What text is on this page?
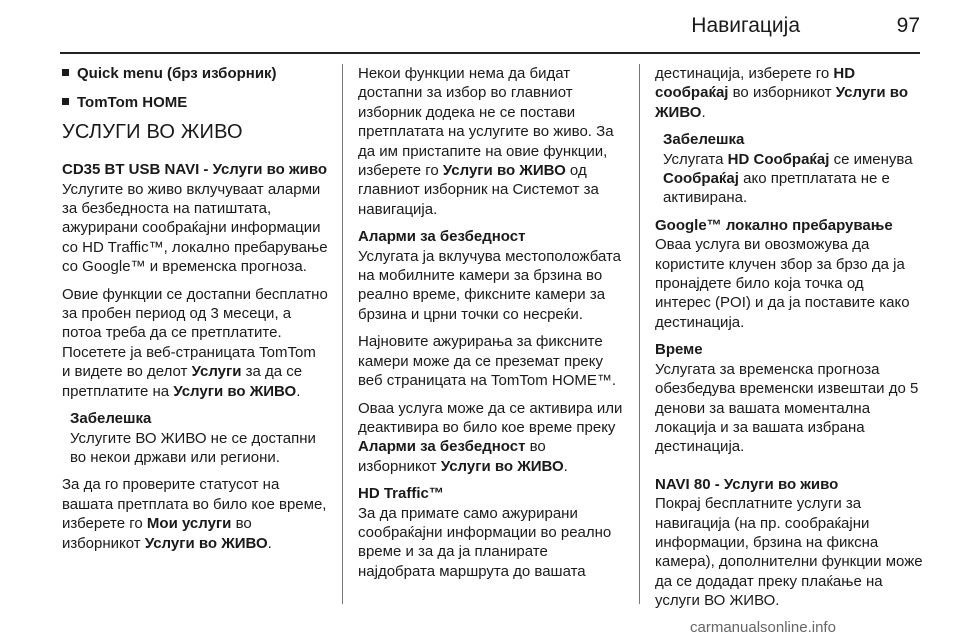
Навигација	97

Quick menu (брз изборник)

TomTom HOME

УСЛУГИ ВО ЖИВО

CD35 BT USB NAVI - Услуги во живо

Услугите во живо вклучуваат аларми за безбедноста на патиштата, ажурирани сообраќајни информации со HD Traffic™, локално пребарување со Google™ и временска прогноза.

Овие функции се достапни бесплатно за пробен период од 3 месеци, а потоа треба да се претплатите. Посетете ја веб-страницата TomTom и видете во делот Услуги за да се претплатите на Услуги во ЖИВО.

Забелешка

Услугите ВО ЖИВО не се достапни во некои држави или региони.

За да го проверите статусот на вашата претплата во било кое време, изберете го Мои услуги во изборникот Услуги во ЖИВО.

Некои функции нема да бидат достапни за избор во главниот изборник додека не се постави претплатата на услугите во живо. За да им пристапите на овие функции, изберете го Услуги во ЖИВО од главниот изборник на Системот за навигација.

Аларми за безбедност

Услугата ја вклучува местоположбата на мобилните камери за брзина во реално време, фиксните камери за брзина и црни точки со несреќи.

Најновите ажурирања за фиксните камери може да се преземат преку веб страницата на TomTom HOME™.

Оваа услуга може да се активира или деактивира во било кое време преку Аларми за безбедност во изборникот Услуги во ЖИВО.

HD Traffic™

За да примате само ажурирани сообраќајни информации во реално време и за да ја планирате најдобрата маршрута до вашата

дестинација, изберете го HD сообраќај во изборникот Услуги во ЖИВО.

Забелешка

Услугата HD Сообраќај се именува Сообраќај ако претплатата не е активирана.

Google™ локално пребарување

Оваа услуга ви овозможува да користите клучен збор за брзо да ја пронајдете било која точка од интерес (POI) и да ја поставите како дестинација.

Време

Услугата за временска прогноза обезбедува временски извештаи до 5 денови за вашата моментална локација и за вашата избрана дестинација.

NAVI 80 - Услуги во живо

Покрај бесплатните услуги за навигација (на пр. сообраќајни информации, брзина на фиксна камера), дополнителни функции може да се додадат преку плаќање на услуги ВО ЖИВО.

carmanualsonline.info
